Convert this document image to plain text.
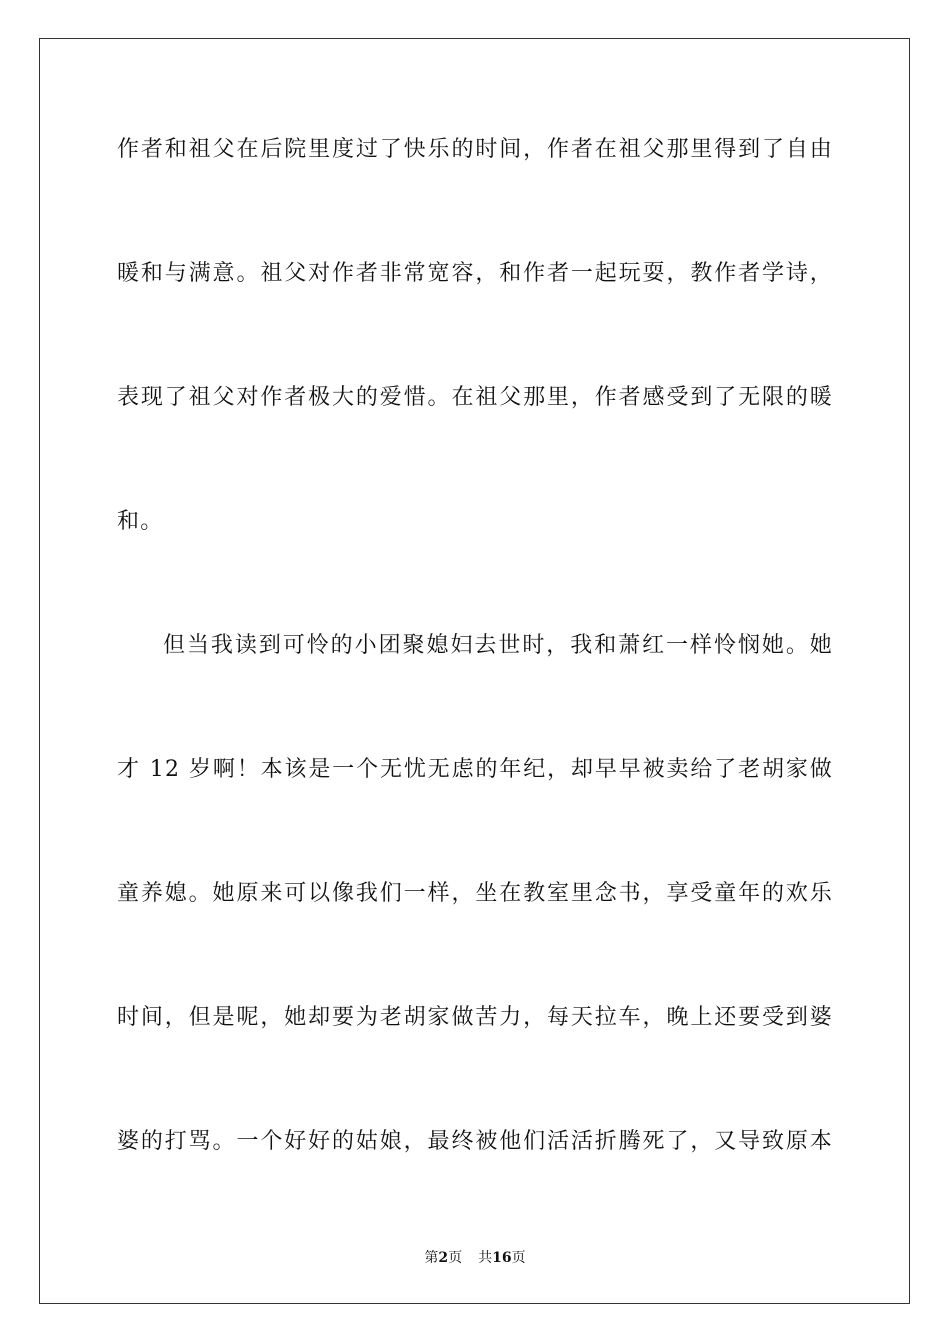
作者和祖父在后院里度过了快乐的时间，作者在祖父那里得到了自由
暖和与满意。祖父对作者非常宽容，和作者一起玩耍，教作者学诗，
表现了祖父对作者极大的爱惜。在祖父那里，作者感受到了无限的暖
和。
但当我读到可怜的小团聚媳妇去世时，我和萧红一样怜悯她。她
才 12 岁啊！本该是一个无忧无虑的年纪，却早早被卖给了老胡家做
童养媳。她原来可以像我们一样，坐在教室里念书，享受童年的欢乐
时间，但是呢，她却要为老胡家做苦力，每天拉车，晚上还要受到婆
婆的打骂。一个好好的姑娘，最终被他们活活折腾死了，又导致原本
第2页 共16页
